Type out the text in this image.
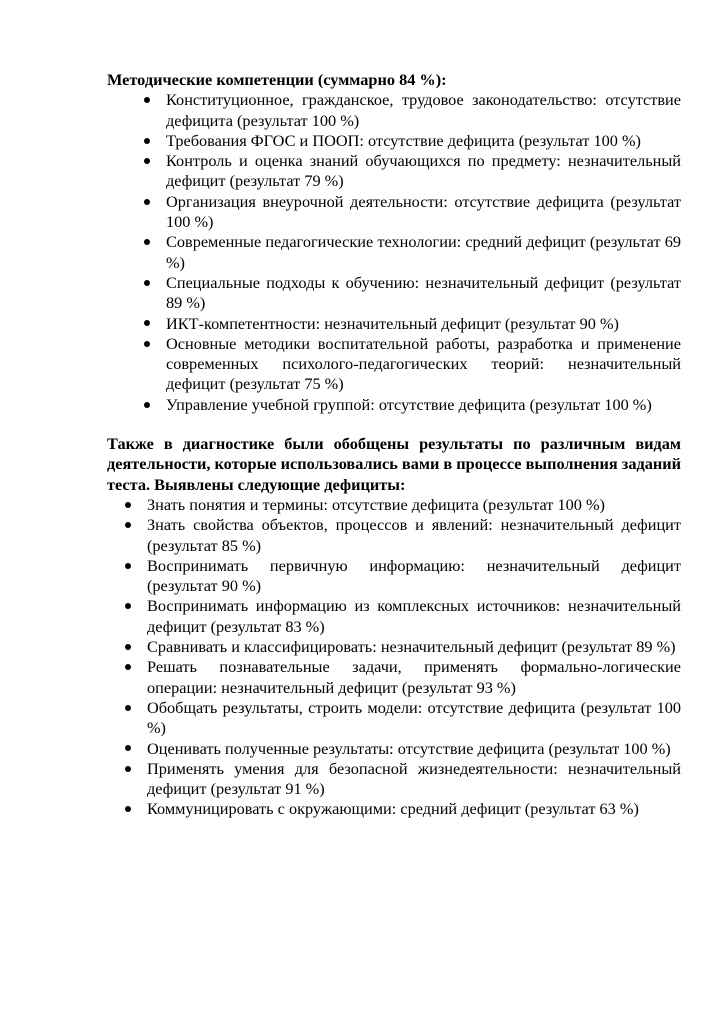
Методические компетенции (суммарно 84 %):

Конституционное, гражданское, трудовое законодательство: отсутствие дефицита (результат 100 %)
Требования ФГОС и ПООП: отсутствие дефицита (результат 100 %)
Контроль и оценка знаний обучающихся по предмету: незначительный дефицит (результат 79 %)
Организация внеурочной деятельности: отсутствие дефицита (результат 100 %)
Современные педагогические технологии: средний дефицит (результат 69 %)
Специальные подходы к обучению: незначительный дефицит (результат 89 %)
ИКТ-компетентности: незначительный дефицит (результат 90 %)
Основные методики воспитательной работы, разработка и применение современных психолого-педагогических теорий: незначительный дефицит (результат 75 %)
Управление учебной группой: отсутствие дефицита (результат 100 %)

Также в диагностике были обобщены результаты по различным видам деятельности, которые использовались вами в процессе выполнения заданий теста. Выявлены следующие дефициты:

Знать понятия и термины: отсутствие дефицита (результат 100 %)
Знать свойства объектов, процессов и явлений: незначительный дефицит (результат 85 %)
Воспринимать первичную информацию: незначительный дефицит (результат 90 %)
Воспринимать информацию из комплексных источников: незначительный дефицит (результат 83 %)
Сравнивать и классифицировать: незначительный дефицит (результат 89 %)
Решать познавательные задачи, применять формально-логические операции: незначительный дефицит (результат 93 %)
Обобщать результаты, строить модели: отсутствие дефицита (результат 100 %)
Оценивать полученные результаты: отсутствие дефицита (результат 100 %)
Применять умения для безопасной жизнедеятельности: незначительный дефицит (результат 91 %)
Коммуницировать с окружающими: средний дефицит (результат 63 %)
